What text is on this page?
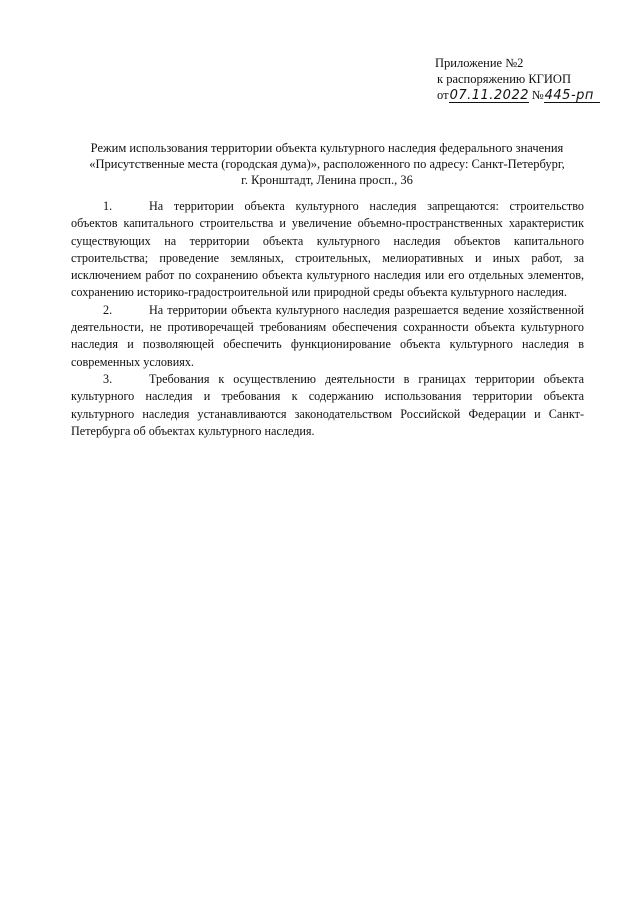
Приложение №2
к распоряжению КГИОП
от07.11.2022 №445-рп
Режим использования территории объекта культурного наследия федерального значения
«Присутственные места (городская дума)», расположенного по адресу: Санкт-Петербург,
г. Кронштадт, Ленина просп., 36

1.	На территории объекта культурного наследия запрещаются: строительство объектов капитального строительства и увеличение объемно-пространственных характеристик существующих на территории объекта культурного наследия объектов капитального строительства; проведение земляных, строительных, мелиоративных и иных работ, за исключением работ по сохранению объекта культурного наследия или его отдельных элементов, сохранению историко-градостроительной или природной среды объекта культурного наследия.

2.	На территории объекта культурного наследия разрешается ведение хозяйственной деятельности, не противоречащей требованиям обеспечения сохранности объекта культурного наследия и позволяющей обеспечить функционирование объекта культурного наследия в современных условиях.

3.	Требования к осуществлению деятельности в границах территории объекта культурного наследия и требования к содержанию использования территории объекта культурного наследия устанавливаются законодательством Российской Федерации и Санкт-Петербурга об объектах культурного наследия.
